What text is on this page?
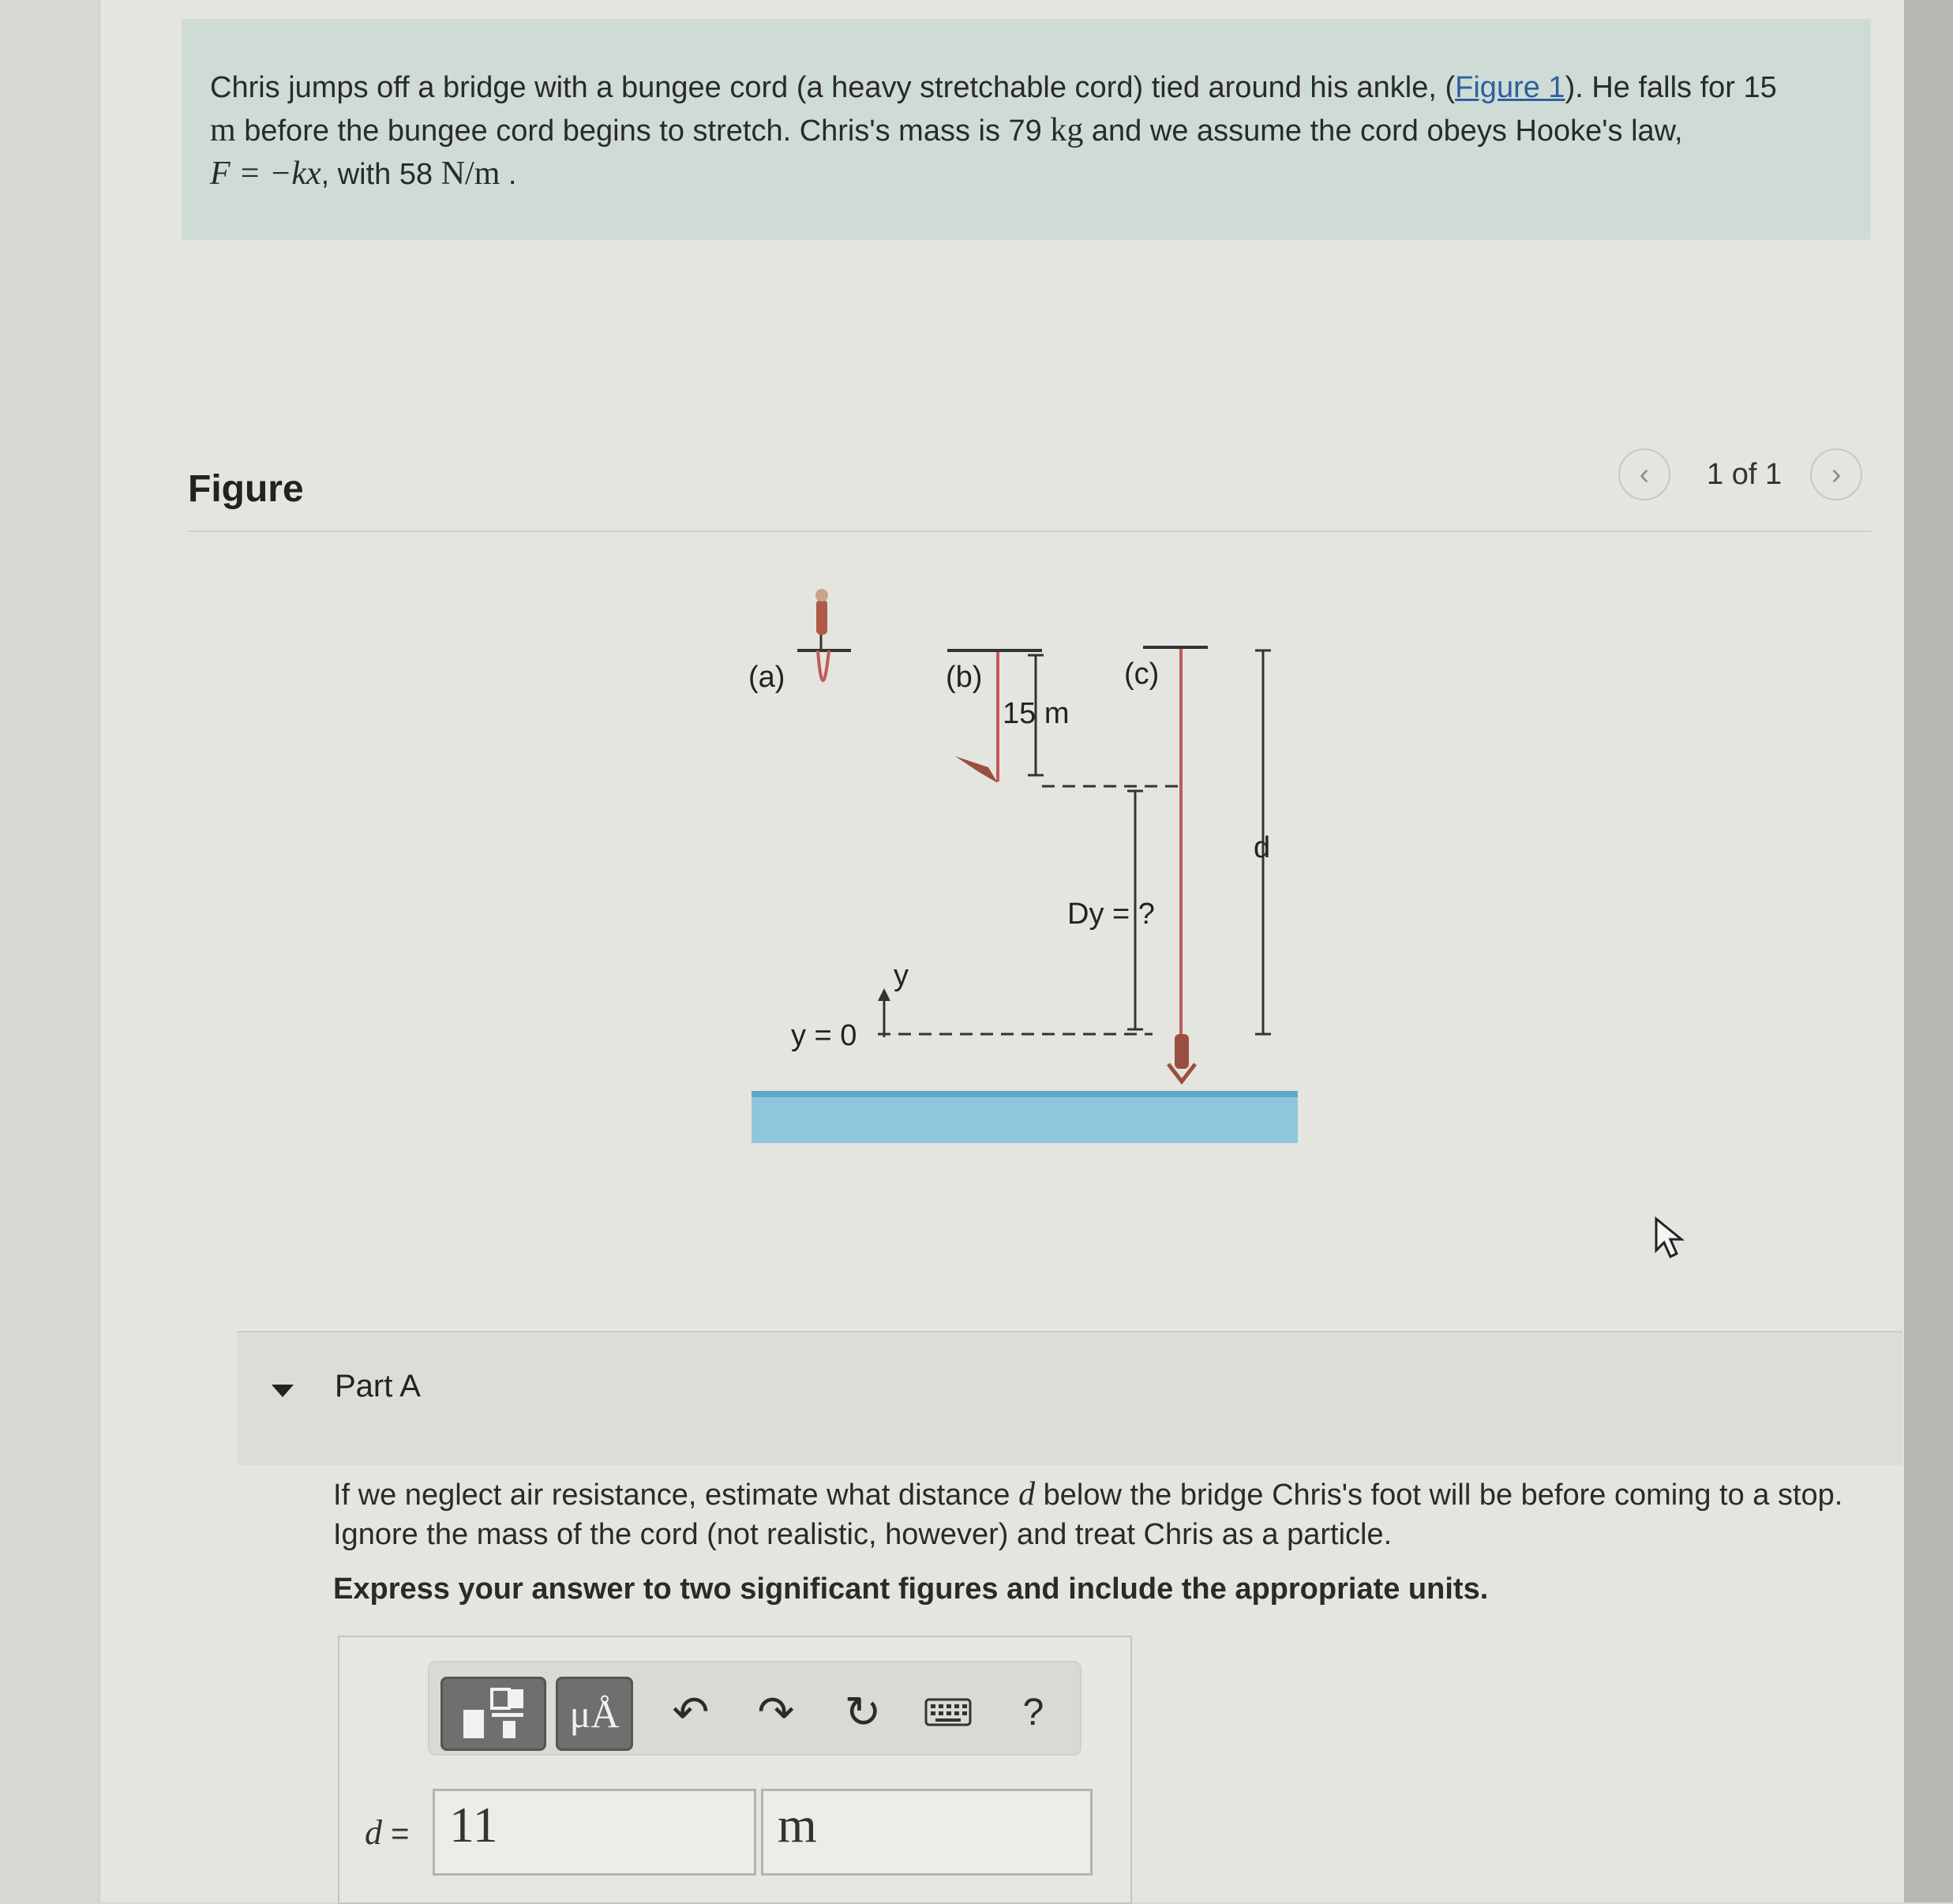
Chris jumps off a bridge with a bungee cord (a heavy stretchable cord) tied around his ankle, (Figure 1). He falls for 15
m before the bungee cord begins to stretch. Chris's mass is 79 kg and we assume the cord obeys Hooke's law,
F = −kx, with 58 N/m .
Figure	‹	1 of 1	›
(a)	(b)
15 m
(c)
Dy = ?
d
y
y = 0
Part A
If we neglect air resistance, estimate what distance d below the bridge Chris's foot will be before coming to a stop.
Ignore the mass of the cord (not realistic, however) and treat Chris as a particle.
Express your answer to two significant figures and include the appropriate units.
μÅ	↶ ↷ ↻	?
d = 11	m
